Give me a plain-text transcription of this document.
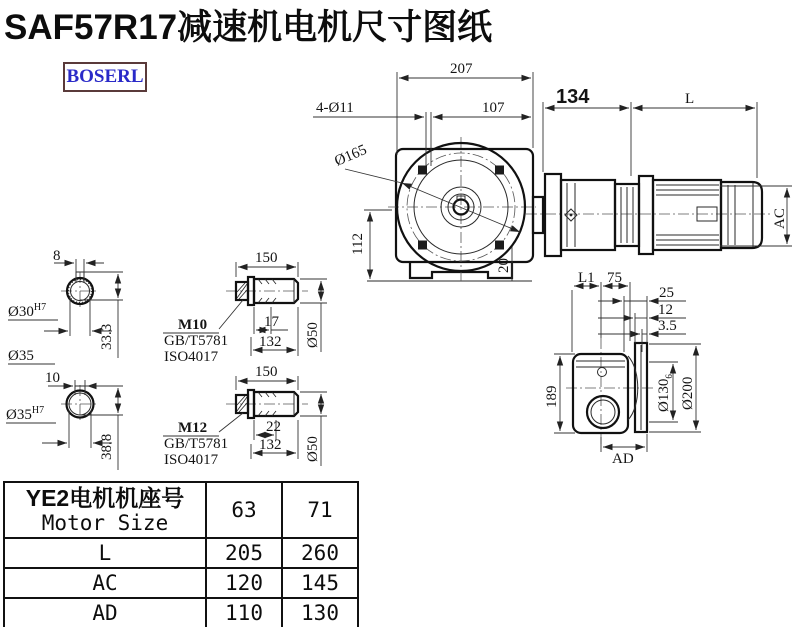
SAF57R17减速机电机尺寸图纸
BOSERL	207
4-Ø11	107
Ø165
112
20
134	L
AC
8
$Ø30^{H7}$
33.3
Ø35
10
$Ø35^{H7}$
38.8
150
M10
GB/T5781
ISO4017
17
132 Ø50
150
M12
GB/T5781
ISO4017
22
132 Ø50
L1 75
25
12
3.5
189	$Ø130_6$
Ø200
AD
YE2电机机座号
Motor Size	63	71
L	205	260
AC	120	145
AD	110	130
